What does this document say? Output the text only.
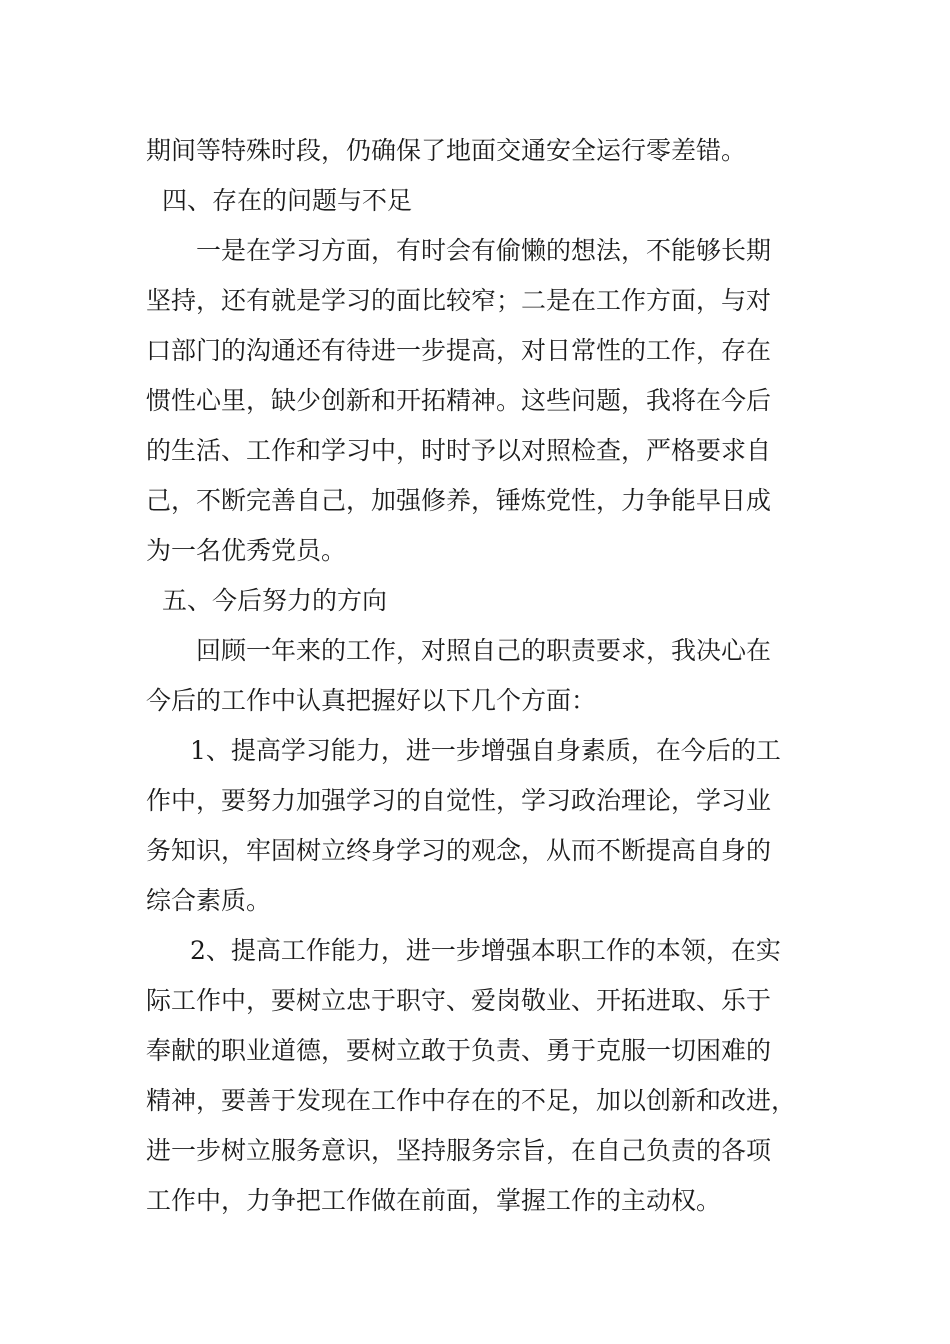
期间等特殊时段，仍确保了地面交通安全运行零差错。

四、存在的问题与不足

一是在学习方面，有时会有偷懒的想法，不能够长期

坚持，还有就是学习的面比较窄；二是在工作方面，与对

口部门的沟通还有待进一步提高，对日常性的工作，存在

惯性心里，缺少创新和开拓精神。这些问题，我将在今后

的生活、工作和学习中，时时予以对照检查，严格要求自

己，不断完善自己，加强修养，锤炼党性，力争能早日成

为一名优秀党员。

五、今后努力的方向

回顾一年来的工作，对照自己的职责要求，我决心在

今后的工作中认真把握好以下几个方面：

1、提高学习能力，进一步增强自身素质，在今后的工

作中，要努力加强学习的自觉性，学习政治理论，学习业

务知识，牢固树立终身学习的观念，从而不断提高自身的

综合素质。

2、提高工作能力，进一步增强本职工作的本领，在实

际工作中，要树立忠于职守、爱岗敬业、开拓进取、乐于

奉献的职业道德，要树立敢于负责、勇于克服一切困难的

精神，要善于发现在工作中存在的不足，加以创新和改进，

进一步树立服务意识，坚持服务宗旨，在自己负责的各项

工作中，力争把工作做在前面，掌握工作的主动权。
